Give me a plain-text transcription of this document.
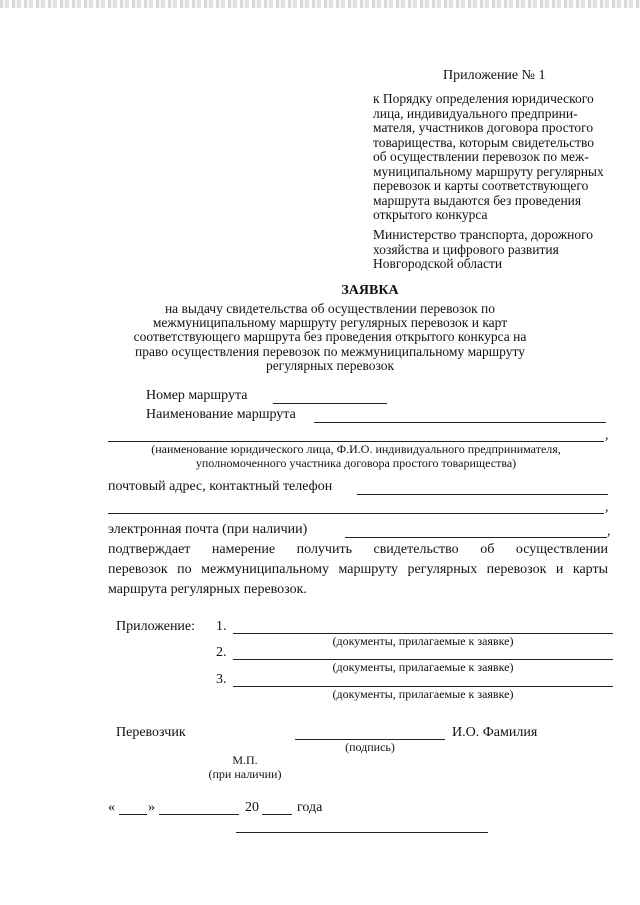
Приложение № 1
к Порядку определения юридического
лица, индивидуального предприни-
мателя, участников договора простого
товарищества, которым свидетельство
об осуществлении перевозок по меж-
муниципальному маршруту регулярных
перевозок и карты соответствующего
маршрута выдаются без проведения
открытого конкурса
Министерство транспорта, дорожного
хозяйства и цифрового развития
Новгородской области
ЗАЯВКА
на выдачу свидетельства об осуществлении перевозок по
межмуниципальному маршруту регулярных перевозок и карт
соответствующего маршрута без проведения открытого конкурса на
право осуществления перевозок по межмуниципальному маршруту
регулярных перевозок
Номер маршрута
Наименование маршрута
,
(наименование юридического лица, Ф.И.О. индивидуального предпринимателя,
уполномоченного участника договора простого товарищества)
почтовый адрес, контактный телефон
,
электронная почта (при наличии)	,
подтверждает намерение получить свидетельство об осуществлении
перевозок по межмуниципальному маршруту регулярных перевозок и карты
маршрута регулярных перевозок.
Приложение: 1.
(документы, прилагаемые к заявке)
2.
(документы, прилагаемые к заявке)
3.
(документы, прилагаемые к заявке)
Перевозчик
(подпись)
И.О. Фамилия
М.П.
(при наличии)
« »	20	года
